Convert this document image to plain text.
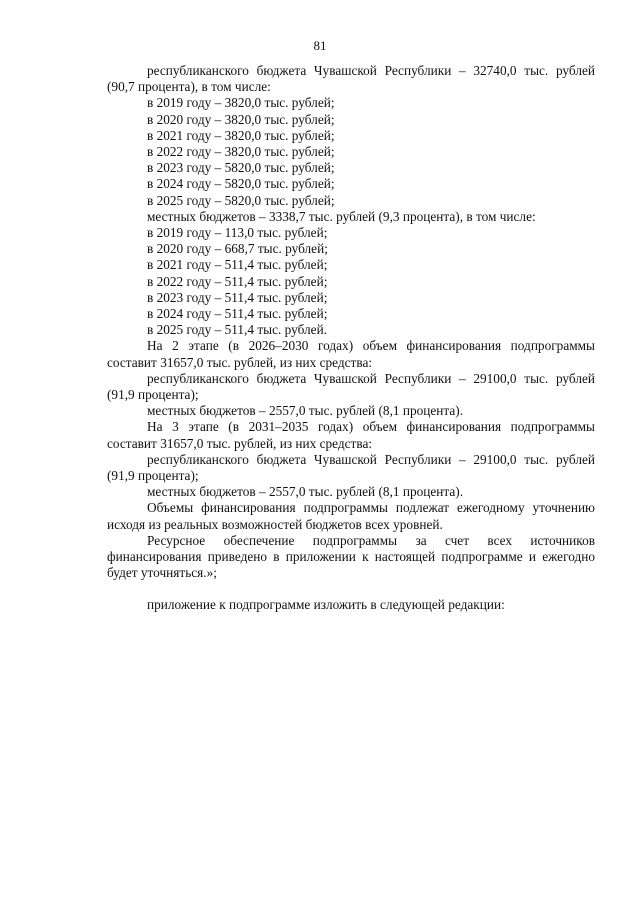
81

республиканского бюджета Чувашской Республики – 32740,0 тыс. рублей (90,7 процента), в том числе:

в 2019 году – 3820,0 тыс. рублей;

в 2020 году – 3820,0 тыс. рублей;

в 2021 году – 3820,0 тыс. рублей;

в 2022 году – 3820,0 тыс. рублей;

в 2023 году – 5820,0 тыс. рублей;

в 2024 году – 5820,0 тыс. рублей;

в 2025 году – 5820,0 тыс. рублей;

местных бюджетов – 3338,7 тыс. рублей (9,3 процента), в том числе:

в 2019 году – 113,0 тыс. рублей;

в 2020 году – 668,7 тыс. рублей;

в 2021 году – 511,4 тыс. рублей;

в 2022 году – 511,4 тыс. рублей;

в 2023 году – 511,4 тыс. рублей;

в 2024 году – 511,4 тыс. рублей;

в 2025 году – 511,4 тыс. рублей.

На 2 этапе (в 2026–2030 годах) объем финансирования подпрограммы составит 31657,0 тыс. рублей, из них средства:

республиканского бюджета Чувашской Республики – 29100,0 тыс. рублей (91,9 процента);

местных бюджетов – 2557,0 тыс. рублей (8,1 процента).

На 3 этапе (в 2031–2035 годах) объем финансирования подпрограммы составит 31657,0 тыс. рублей, из них средства:

республиканского бюджета Чувашской Республики – 29100,0 тыс. рублей (91,9 процента);

местных бюджетов – 2557,0 тыс. рублей (8,1 процента).

Объемы финансирования подпрограммы подлежат ежегодному уточнению исходя из реальных возможностей бюджетов всех уровней.

Ресурсное обеспечение подпрограммы за счет всех источников финансирования приведено в приложении к настоящей подпрограмме и ежегодно будет уточняться.»;

приложение к подпрограмме изложить в следующей редакции:
